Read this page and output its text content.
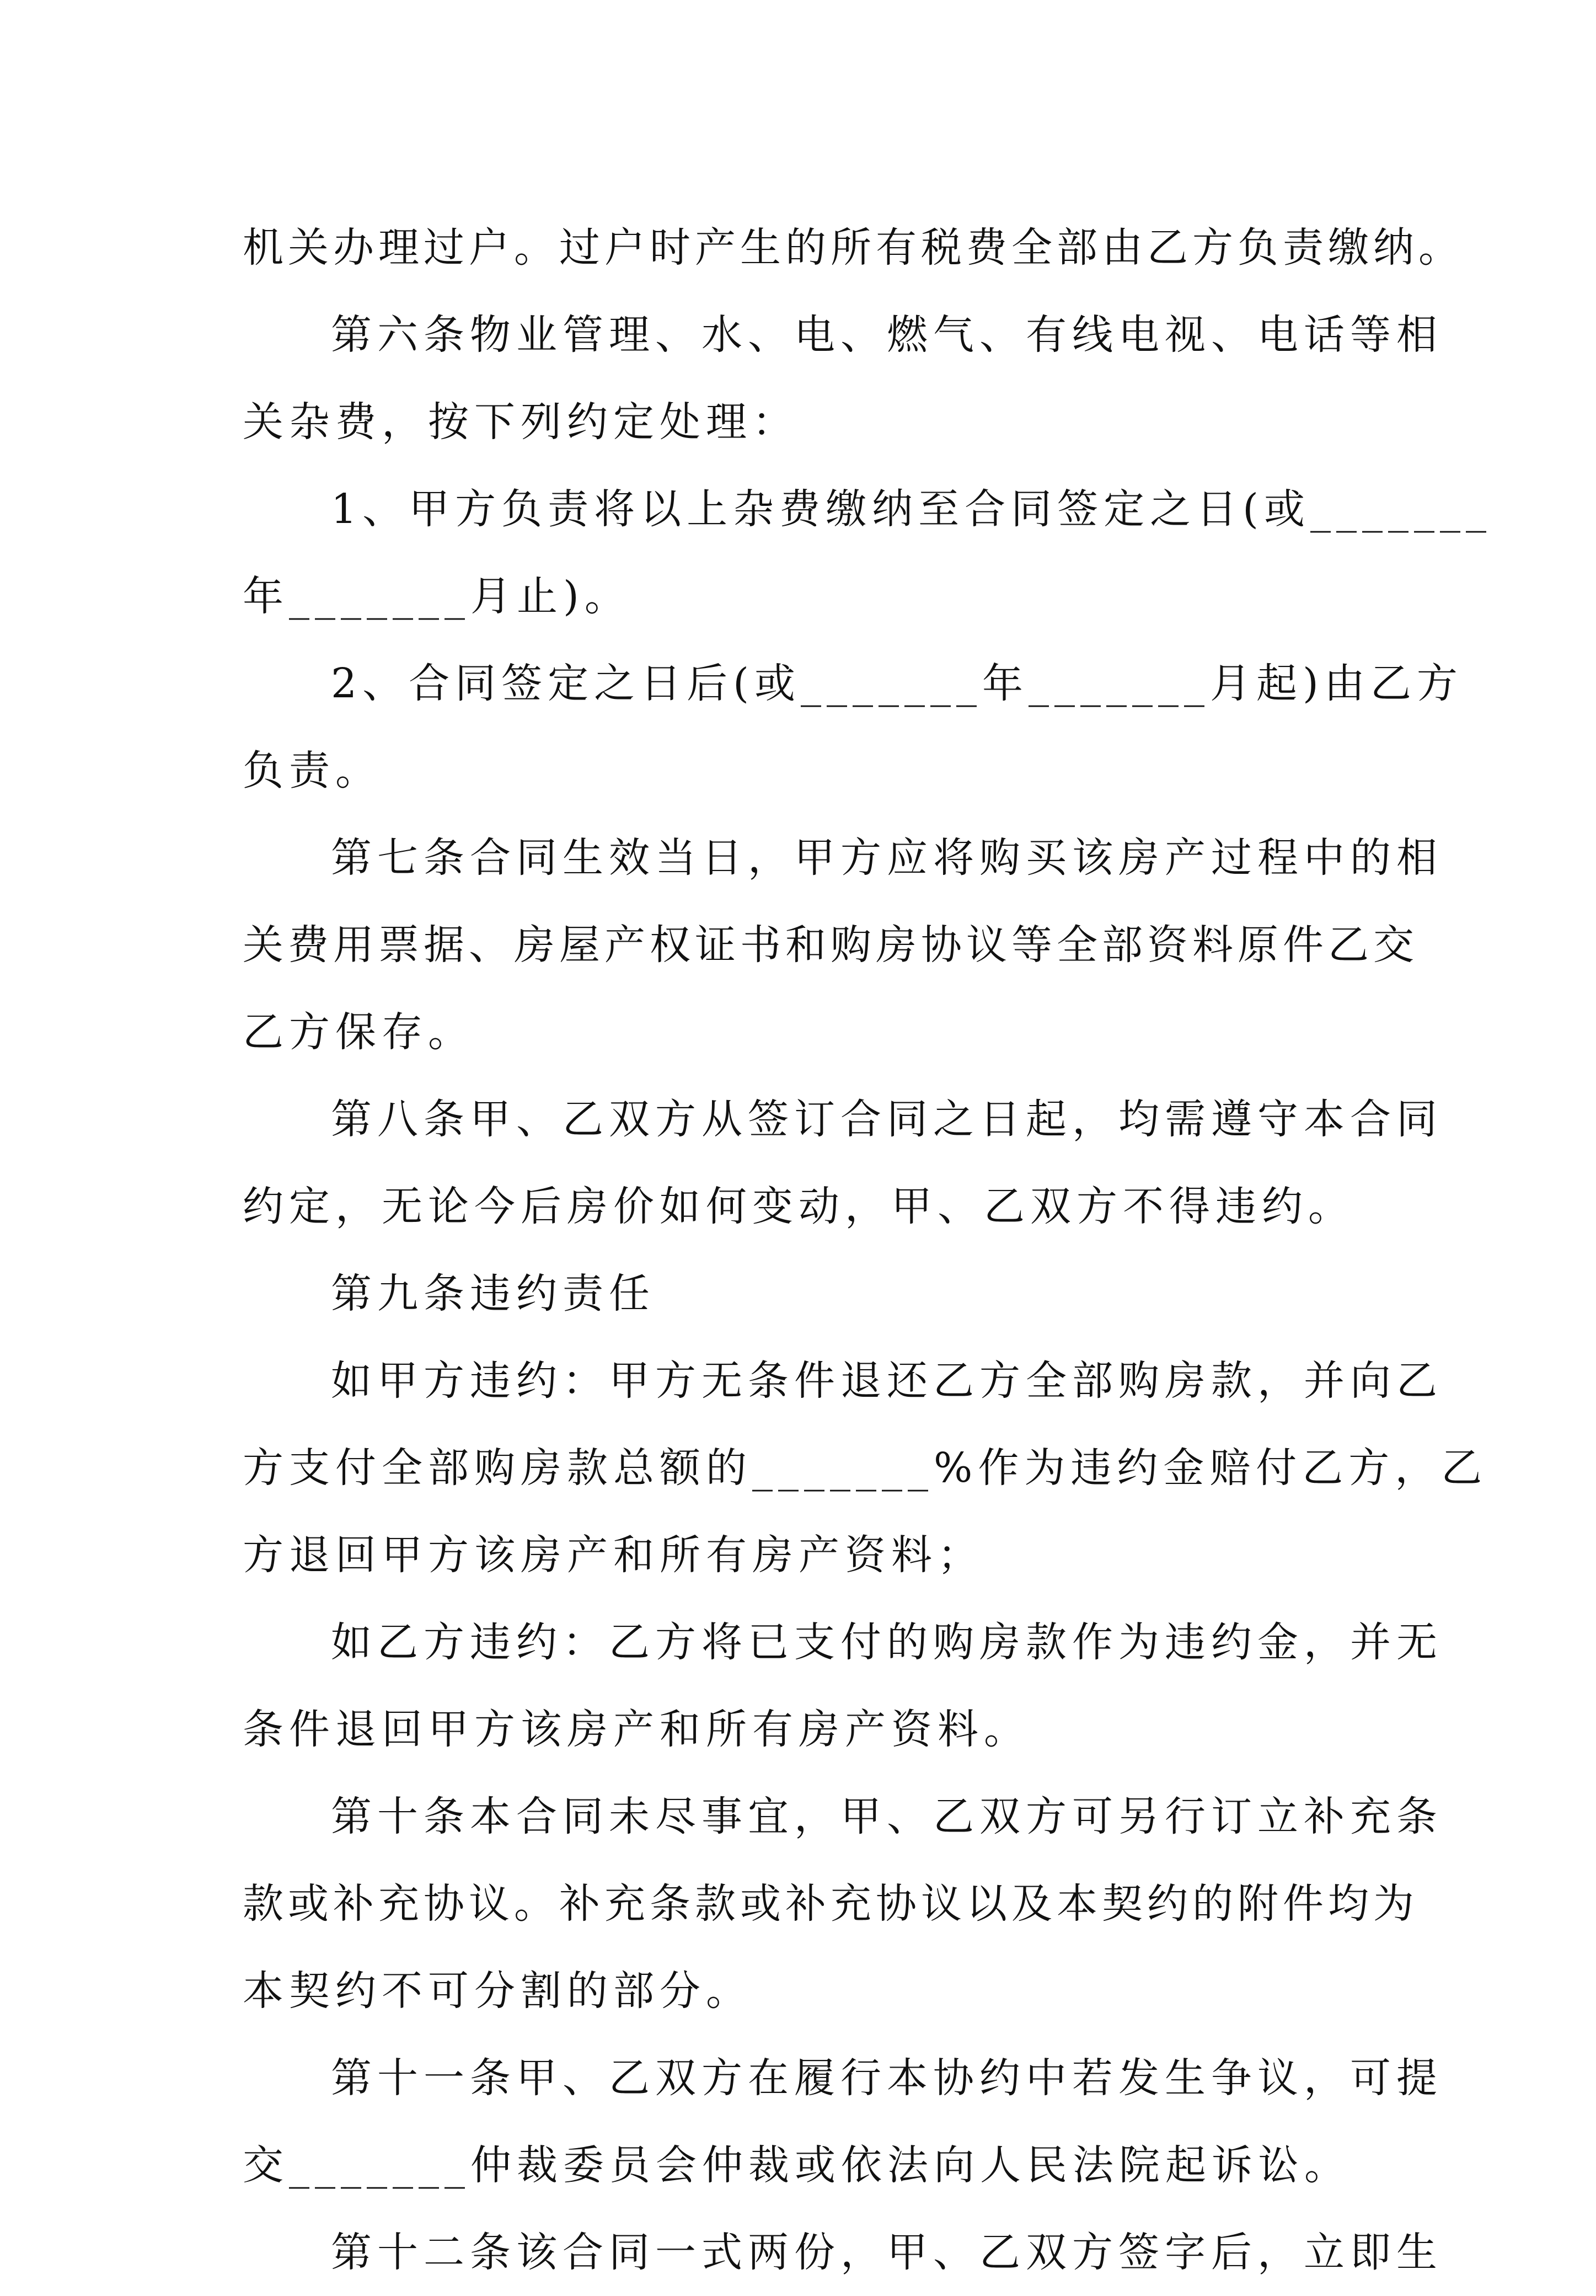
机关办理过户。过户时产生的所有税费全部由乙方负责缴纳。
第六条物业管理、水、电、燃气、有线电视、电话等相
关杂费，按下列约定处理：
1、甲方负责将以上杂费缴纳至合同签定之日(或_______
年_______月止)。
2、合同签定之日后(或_______年_______月起)由乙方
负责。
第七条合同生效当日，甲方应将购买该房产过程中的相
关费用票据、房屋产权证书和购房协议等全部资料原件乙交
乙方保存。
第八条甲、乙双方从签订合同之日起，均需遵守本合同
约定，无论今后房价如何变动，甲、乙双方不得违约。
第九条违约责任
如甲方违约：甲方无条件退还乙方全部购房款，并向乙
方支付全部购房款总额的_______%作为违约金赔付乙方，乙
方退回甲方该房产和所有房产资料；
如乙方违约：乙方将已支付的购房款作为违约金，并无
条件退回甲方该房产和所有房产资料。
第十条本合同未尽事宜，甲、乙双方可另行订立补充条
款或补充协议。补充条款或补充协议以及本契约的附件均为
本契约不可分割的部分。
第十一条甲、乙双方在履行本协约中若发生争议，可提
交_______仲裁委员会仲裁或依法向人民法院起诉讼。
第十二条该合同一式两份，甲、乙双方签字后，立即生
